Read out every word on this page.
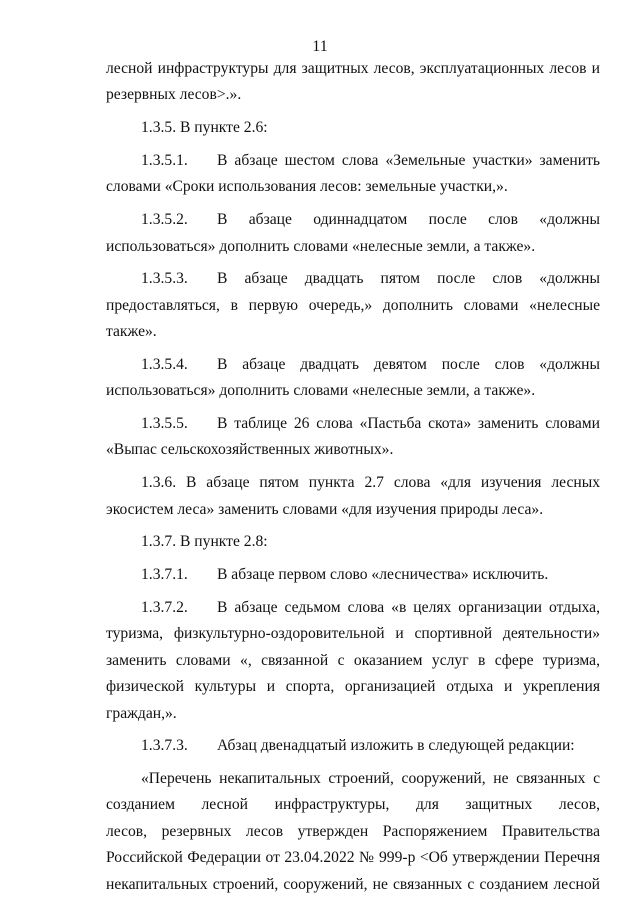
11
лесной инфраструктуры для защитных лесов, эксплуатационных лесов и
резервных лесов>.».
1.3.5. В пункте 2.6:
1.3.5.1. В абзаце шестом слова «Земельные участки» заменить
словами «Сроки использования лесов: земельные участки,».
1.3.5.2. В абзаце одиннадцатом после слов «должны
использоваться» дополнить словами «нелесные земли, а также».
1.3.5.3. В абзаце двадцать пятом после слов «должны
предоставляться, в первую очередь,» дополнить словами «нелесные
также».
1.3.5.4. В абзаце двадцать девятом после слов «должны
использоваться» дополнить словами «нелесные земли, а также».
1.3.5.5. В таблице 26 слова «Пастьба скота» заменить словами
«Выпас сельскохозяйственных животных».
1.3.6. В абзаце пятом пункта 2.7 слова «для изучения лесных
экосистем леса» заменить словами «для изучения природы леса».
1.3.7. В пункте 2.8:
1.3.7.1. В абзаце первом слово «лесничества» исключить.
1.3.7.2. В абзаце седьмом слова «в целях организации отдыха,
туризма, физкультурно-оздоровительной и спортивной деятельности»
заменить словами «, связанной с оказанием услуг в сфере туризма,
физической культуры и спорта, организацией отдыха и укрепления
граждан,».
1.3.7.3. Абзац двенадцатый изложить в следующей редакции:
«Перечень некапитальных строений, сооружений, не связанных с
созданием лесной инфраструктуры, для защитных лесов,
лесов, резервных лесов утвержден Распоряжением Правительства
Российской Федерации от 23.04.2022 № 999-р <Об утверждении Перечня
некапитальных строений, сооружений, не связанных с созданием лесной
